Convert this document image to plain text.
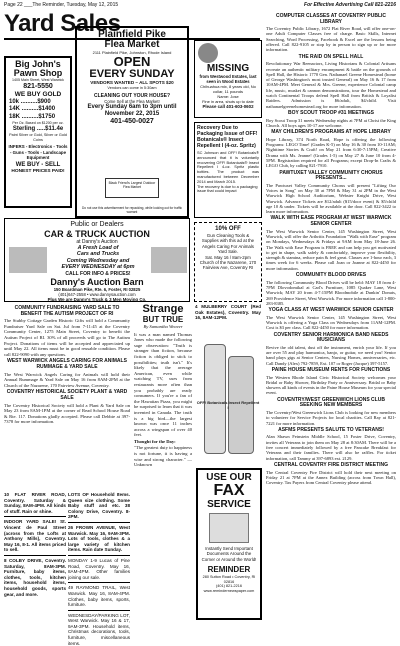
Page 22 ___The Reminder, Tuesday, May 12, 2015	For Effective Advertising Call 821-2216
Yard Sales
Big John's Pawn Shop
1405 Main Street, West Warwick
821-5550
WE BUY GOLD
10k ..........$900
14K ..........$1400
18K ..........$1750
Per Oz. Based on $1200 per oz.
Sterling .....$11.4e
Paint Silver or Gold, Silver or Gold Coins
INFERS - Electronics - Tools - Guns - Tools - Landscape Equipment
WE BUY - SELL
HONEST PRICES PAID!
Plainfield Pike Flea Market
2111 Plainfield Pike, Johnston, Rhode Island
OPEN
EVERY SUNDAY
VENDORS WANTED – ALL SPOTS $20
Vendors can come in 5:30am
CLEANING OUT YOUR HOUSE?
Come Sell at the Flea Market!
Every Sunday 6am to 3pm until November 22, 2015
401-450-0027
Black Friend's Largest Outdoor Flea Market
Do not use this advertisement for repacking, while looking out for traffic warrant
MISSING
from Westwood Estates, last seen in Wood Estates
Chihuahua mix, 8 years old, No collar, 11 pounds
Name: Jose
Fine in area, shuts up to date
Please call 401-603-0602
Recovery Due to Packaging Issue of OFF! Botanicals® Insect Repellent I (4-oz. Spritz)
SC Johnson and OFF! Botanicals® announced that it is voluntarily recovering OFF! Botanicals® Insect Repellent I 4-oz. Spritz plastic bottles. The product was manufactured between December 2014 and March 2015.
The recovery is due to a packaging issue that could impact
Public or Dealers
CAR & TRUCK AUCTION
at Danny's Auction
A Fresh Load of
Cars and Trucks
Coming Wednesday and
EVERY WEDNESDAY at 6pm
CALL FOR INFO & PRICES!
Danny's Auction Barn
150 Boardman Pike, Rte. 6, Foster, RI 02825
(401)647-2558 • www.dannysauction.com
Plus We are Danny's Truck & 3 Men Moving Co.
10% OFF
Gun Cleaning Tools & Supplies with this ad at the Angels Caring For Animals Yard Sale.
Sat. May 16 / 8am-2pm
Church of the Nazarene, 170 Fairview Ave, Coventry RI
COMMUNITY FUNDRAISING YARD SALE TO BENEFIT THE AUTISM PROJECT OF RI

The Stubby Cottage Garden Historic Gifts will hold a Community Fundraiser Yard Sale on Sat. Jul from 7-11:45 at the Coventry Community Center, 1275 Main Street, Coventry to benefit the Autism Project of RI. 30% of all proceeds will go to The Autism Project. Donations of items will be accepted and appreciated up until May 22. All items must be in good reusable condition. Please call 822-9090 with any questions.

WEST WARWICK ANGELS CARING FOR ANIMALS RUMMAGE & YARD SALE

The West Warwick Angels Caring for Animals will hold their Annual Rummage & Yard Sale on May 16 from 8AM-2PM at the Church of the Nazarene, 170 Fairview Avenue, Coventry.

COVENTRY HISTORICAL SOCIETY PLANT & YARD SALE

The Coventry Historical Society will hold a Plant & Yard Sale on May 23 from 8AM-1PM at the corner of Read School House Road & Rte. 117. Donations gladly accepted. Please call Debbie at 397-7378 for more information.

10 FLAT RIVER ROAD, Coventry. Saturday & Sunday, 8AM-4PM. All kinds of stuff. Rain or shine.

INDOOR YARD SALE! St. Vincent de Paul Street (across from the Lofts at Anthony Mills), Coventry. May 16, 8-1. All items priced to sell.

8 COLBY DRIVE, Coventry. Saturday, 8AM-3PM. Furniture, baby items, clothes, tools, kitchen items, household items, household goods, sports gear, and more.

LOTS OF Household Items. Queen size clothing. Some Baby stuff and etc. 38 Colony Drive, Coventry. 8-2PM.

26 FROWN AVENUE, West Warwick. May 16, 9AM-3PM. Lots of tools, clothes & a large variety of kitchen items. Rain date Sunday.

MONDAY 1-9 Lucas of Pine Road, Coventry. May 16, 8AM-4PM. Other families joining our sale.

49 RAYMOND TRAIL, West Warwick. May 16, 8AM-4PM. Clothes, baby items, sports, furniture.

WEDNESDAY/PARKING LOT, West Warwick. May 16 & 17, 9AM-3PM. Household items, Christmas decorations, tools, furniture, miscellaneous items.

Strange
BUT TRUE
By Samantha Weaver

It was a man named Thomas Jones who made the following sage observation: "Truth is stranger than fiction, because fiction is obliged to stick to possibilities; truth isn't." It's likely that the average American, even while watching TV, uses from restaurants more often than you probably are ready consumers. If you're a fan of the Hawaiian Pizza, you might be surprised to learn that it was invented in Canada. The truth is a big bird—the largest known was once 11 inches across a wingspan of over 40 feet.

Thought for the Day:

"The greatest duty to happiness is not fortune, it is having a wise and strong character." — Unknown

4 MULBERRY COURT (Red Oak Estates), Coventry. May 16, 8AM-12PM.
OFF! Botanicals Insect Repellent I
USE OUR
FAX
SERVICE
Instantly Send Important Documents Around the Corner or Around the World!
REMINDER
280 Sutton Road • Coventry, RI 02816
(401) 821-2216
www.remindernewspaper.com
COMPUTER CLASSES AT COVENTRY PUBLIC LIBRARY

The Coventry Public Library, 1672 Flat River Road, will offer one-on-one Adult Computer Classes free of charge. Basic Skills, Internet Searching, Word Processing, Facebook & Excel are the lessons being offered. Call 822-9105 or stop by in person to sign up or for more information.

THE RAID ON SPELL HALL

Revolutionary War Reenactors, Living Historians & Colonial Artisans recreate an authentic military encampment & battle on the grounds of Spell Hall, the Historic 1770 Gen. Nathanael Greene Homestead (home of George Washington's most trusted General) on May 16 & 17 from 10AM-4PM. Meet General & Mrs. Greene, experience Colonial camp life, music, musket & cannon demonstrations, tour the Homestead and watch Continental Troops defend Spell Hall from British & Loyalist Raiders. Admission is $6/adult, $4/child. Visit nathanaelgreenehomestead.org for more information.

BOY SCOUT TROOP #31 MEETINGS

Boy Scout Troop 31 meets Wednesday nights at 7PM at Christ the King Church. All boys ages 10-17 are welcome.

MAY CHILDREN'S PROGRAMS AT HOPE LIBRARY

Hope Library, 374 North Road, Hope is offering the following Programs: LEGO Time! (Grades K-5) on May 16 & 30 from 10-11AM; Nighttime Stories & Craft! on May 21 from 6:30-7:15PM; Creative Drama with Ms. Jeanne! (Grades 1-5) on May 27 & June 10 from 4-5PM. Registration required for all Programs; except Drop-In Crafts & LEGO Club, by calling 821-7910.

PAWTUXET VALLEY COMMUNITY CHORUS PRESENTS...

The Pawtuxet Valley Community Chorus will present "Lifting Our Voices in Song" on May 30 at 7PM & May 31 at 2PM in the West Warwick High School Auditorium, Webster Knight Drive, West Warwick. Advance Tickets are $12/adult ($15/door event) & $5/child age 10 & under. Tickets will be available at the door. Call 822-3422 to learn more information.

WALK WITH EASE PROGRAM AT WEST WARWICK SENIOR CENTER

The West Warwick Senior Center, 145 Washington Street, West Warwick, will offer the Arthritis Foundation "Walk with Ease" program on Mondays, Wednesdays & Fridays at 9AM from May 18-June 26. The Walk with Ease Program is FREE and can help you get motivated to get in shape, walk safely & comfortably, improve your flexibility, strength & stamina, reduce pain & feel great. Classes are 1-hour each, 3 times week for 6 weeks. Please call Joan or Joanne at 822-4450 for more information.

COMMUNITY BLOOD DRIVES

The following Community Blood Drives will be held: MAY 18 from 4-7PM Dlovodomikal at Carl's Furniture, 1085 Quaker Lane, West Warwick; MAY 20 from 4-7:15PM Bloodmobile at Dunkin' Donuts, 269 Providence Street, West Warwick. For more information call 1-800-283-8385.

YOGA CLASS AT WEST WARWICK SENIOR CENTER

The West Warwick Senior Center, 145 Washington Street, West Warwick is offering a Yoga Class on Wednesdays from 11AM-12PM. Cost is $3 per class. Call 822-4450 for more information.

COVENTRY SENIOR HARMONICA BAND NEEDS MUSICIANS

Revive the old talent, dust off the instrument, enrich your life. If you are over 55 and play harmonica, banjo, or guitar, we need you! Senior band plays gigs at Senior Centers, Nursing Homes, anniversaries, etc. Call Dandy (Alex) 792-7859, Ext. 107 or Roger (Jacque) 397-5157.

PAINE HOUSE MUSEUM RENTS FOR FUNCTIONS

The Western Rhode Island Civic Historical Society welcomes your Bridal or Baby Shower, Birthday Party or Anniversary. Bridal or Baby showers all kinds of events in the Paine House Museum for your special event.

COVENTRY/WEST GREENWICH LIONS CLUB SEEKING NEW MEMBERS

The Coventry/West Greenwich Lions Club is looking for new members to volunteer for Service Projects for local charities. Call Ray at 821-7221 for more information.

ASFMS PRESENTS SALUTE TO VETERANS!

Alan Shawn Feinstein Middle School, 15 Foster Drive, Coventry, invites all Veterans to join them on May 28 at 8:30AM. There will be a free concert immediately followed by a free Pancake Breakfast for Veterans and their families. There will also be raffles. For ticket information, call Tammy at 397-6893 ext. 2129.

CENTRAL COVENTRY FIRE DISTRICT MEETING

The Central Coventry Fire District will hold their next meeting on Friday 21 at 7PM at the Annex Building (across from Town Hall), Coventry. Tax Payers from Central Coventry please attend.
